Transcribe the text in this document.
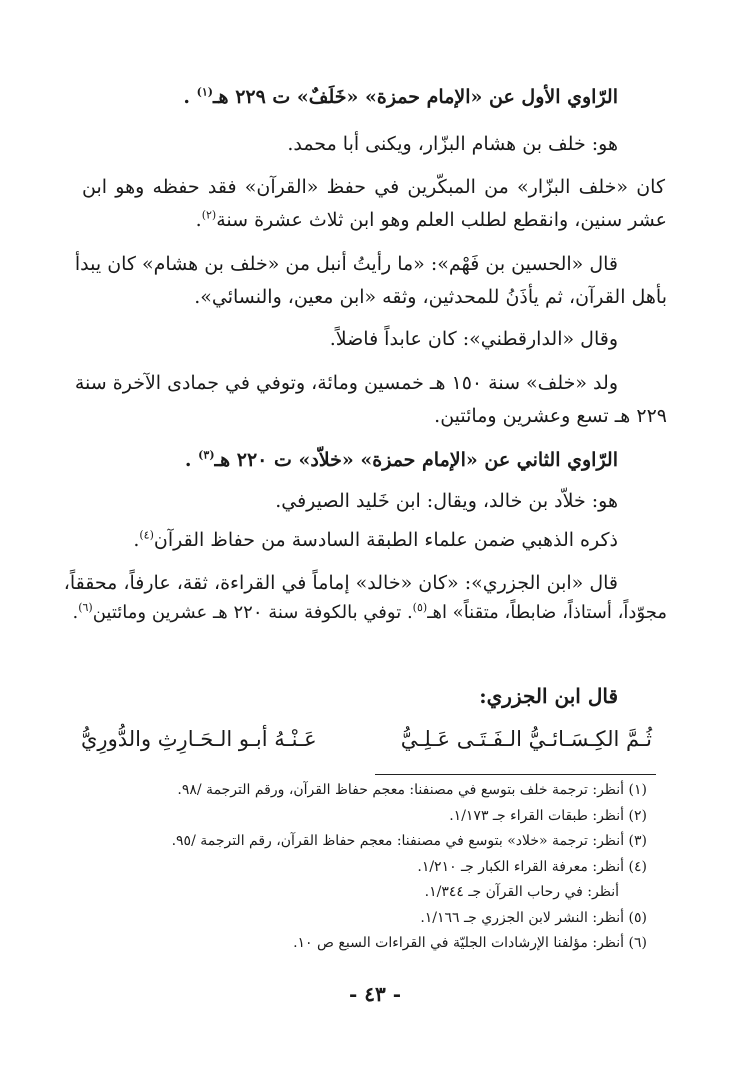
الرّاوي الأول عن «الإمام حمزة» «خَلَفٌ» ت ٢٢٩ هـ$^{(١)}$ .
هو: خلف بن هشام البزّار، ويكنى أبا محمد.
كان «خلف البزّار» من المبكّرين في حفظ «القرآن» فقد حفظه وهو ابن
عشر سنين، وانقطع لطلب العلم وهو ابن ثلاث عشرة سنة$^{(٢)}$.
قال «الحسين بن فَهْم»: «ما رأيتُ أنبل من «خلف بن هشام» كان يبدأ
بأهل القرآن، ثم يأذَنُ للمحدثين، وثقه «ابن معين، والنسائي».
وقال «الدارقطني»: كان عابداً فاضلاً.
ولد «خلف» سنة ١٥٠ هـ خمسين ومائة، وتوفي في جمادى الآخرة سنة
٢٢٩ هـ تسع وعشرين ومائتين.
الرّاوي الثاني عن «الإمام حمزة» «خلاّد» ت ٢٢٠ هـ$^{(٣)}$ .
هو: خلاّد بن خالد، ويقال: ابن خَليد الصيرفي.
ذكره الذهبي ضمن علماء الطبقة السادسة من حفاظ القرآن$^{(٤)}$.
قال «ابن الجزري»: «كان «خالد» إماماً في القراءة، ثقة، عارفاً، محققاً،
مجوّداً، أستاذاً، ضابطاً، متقناً» اهـ$^{(٥)}$. توفي بالكوفة سنة ٢٢٠ هـ عشرين ومائتين$^{(٦)}$.
قال ابن الجزري:
ثُـمَّ الكِـسَـائـيُّ الـفَـتَـى عَـلِـيُّ
عَـنْـهُ أبـو الـحَـارِثِ والدُّورِيُّ
(١) أنظر: ترجمة خلف بتوسع في مصنفنا: معجم حفاظ القرآن، ورقم الترجمة /٩٨.
(٢) أنظر: طبقات القراء جـ ١/١٧٣.
(٣) أنظر: ترجمة «خلاد» بتوسع في مصنفنا: معجم حفاظ القرآن، رقم الترجمة /٩٥.
(٤) أنظر: معرفة القراء الكبار جـ ١/٢١٠.
أنظر: في رحاب القرآن جـ ١/٣٤٤.
(٥) أنظر: النشر لابن الجزري جـ ١/١٦٦.
(٦) أنظر: مؤلفنا الإرشادات الجليّة في القراءات السبع ص ١٠.
- ٤٣ -
